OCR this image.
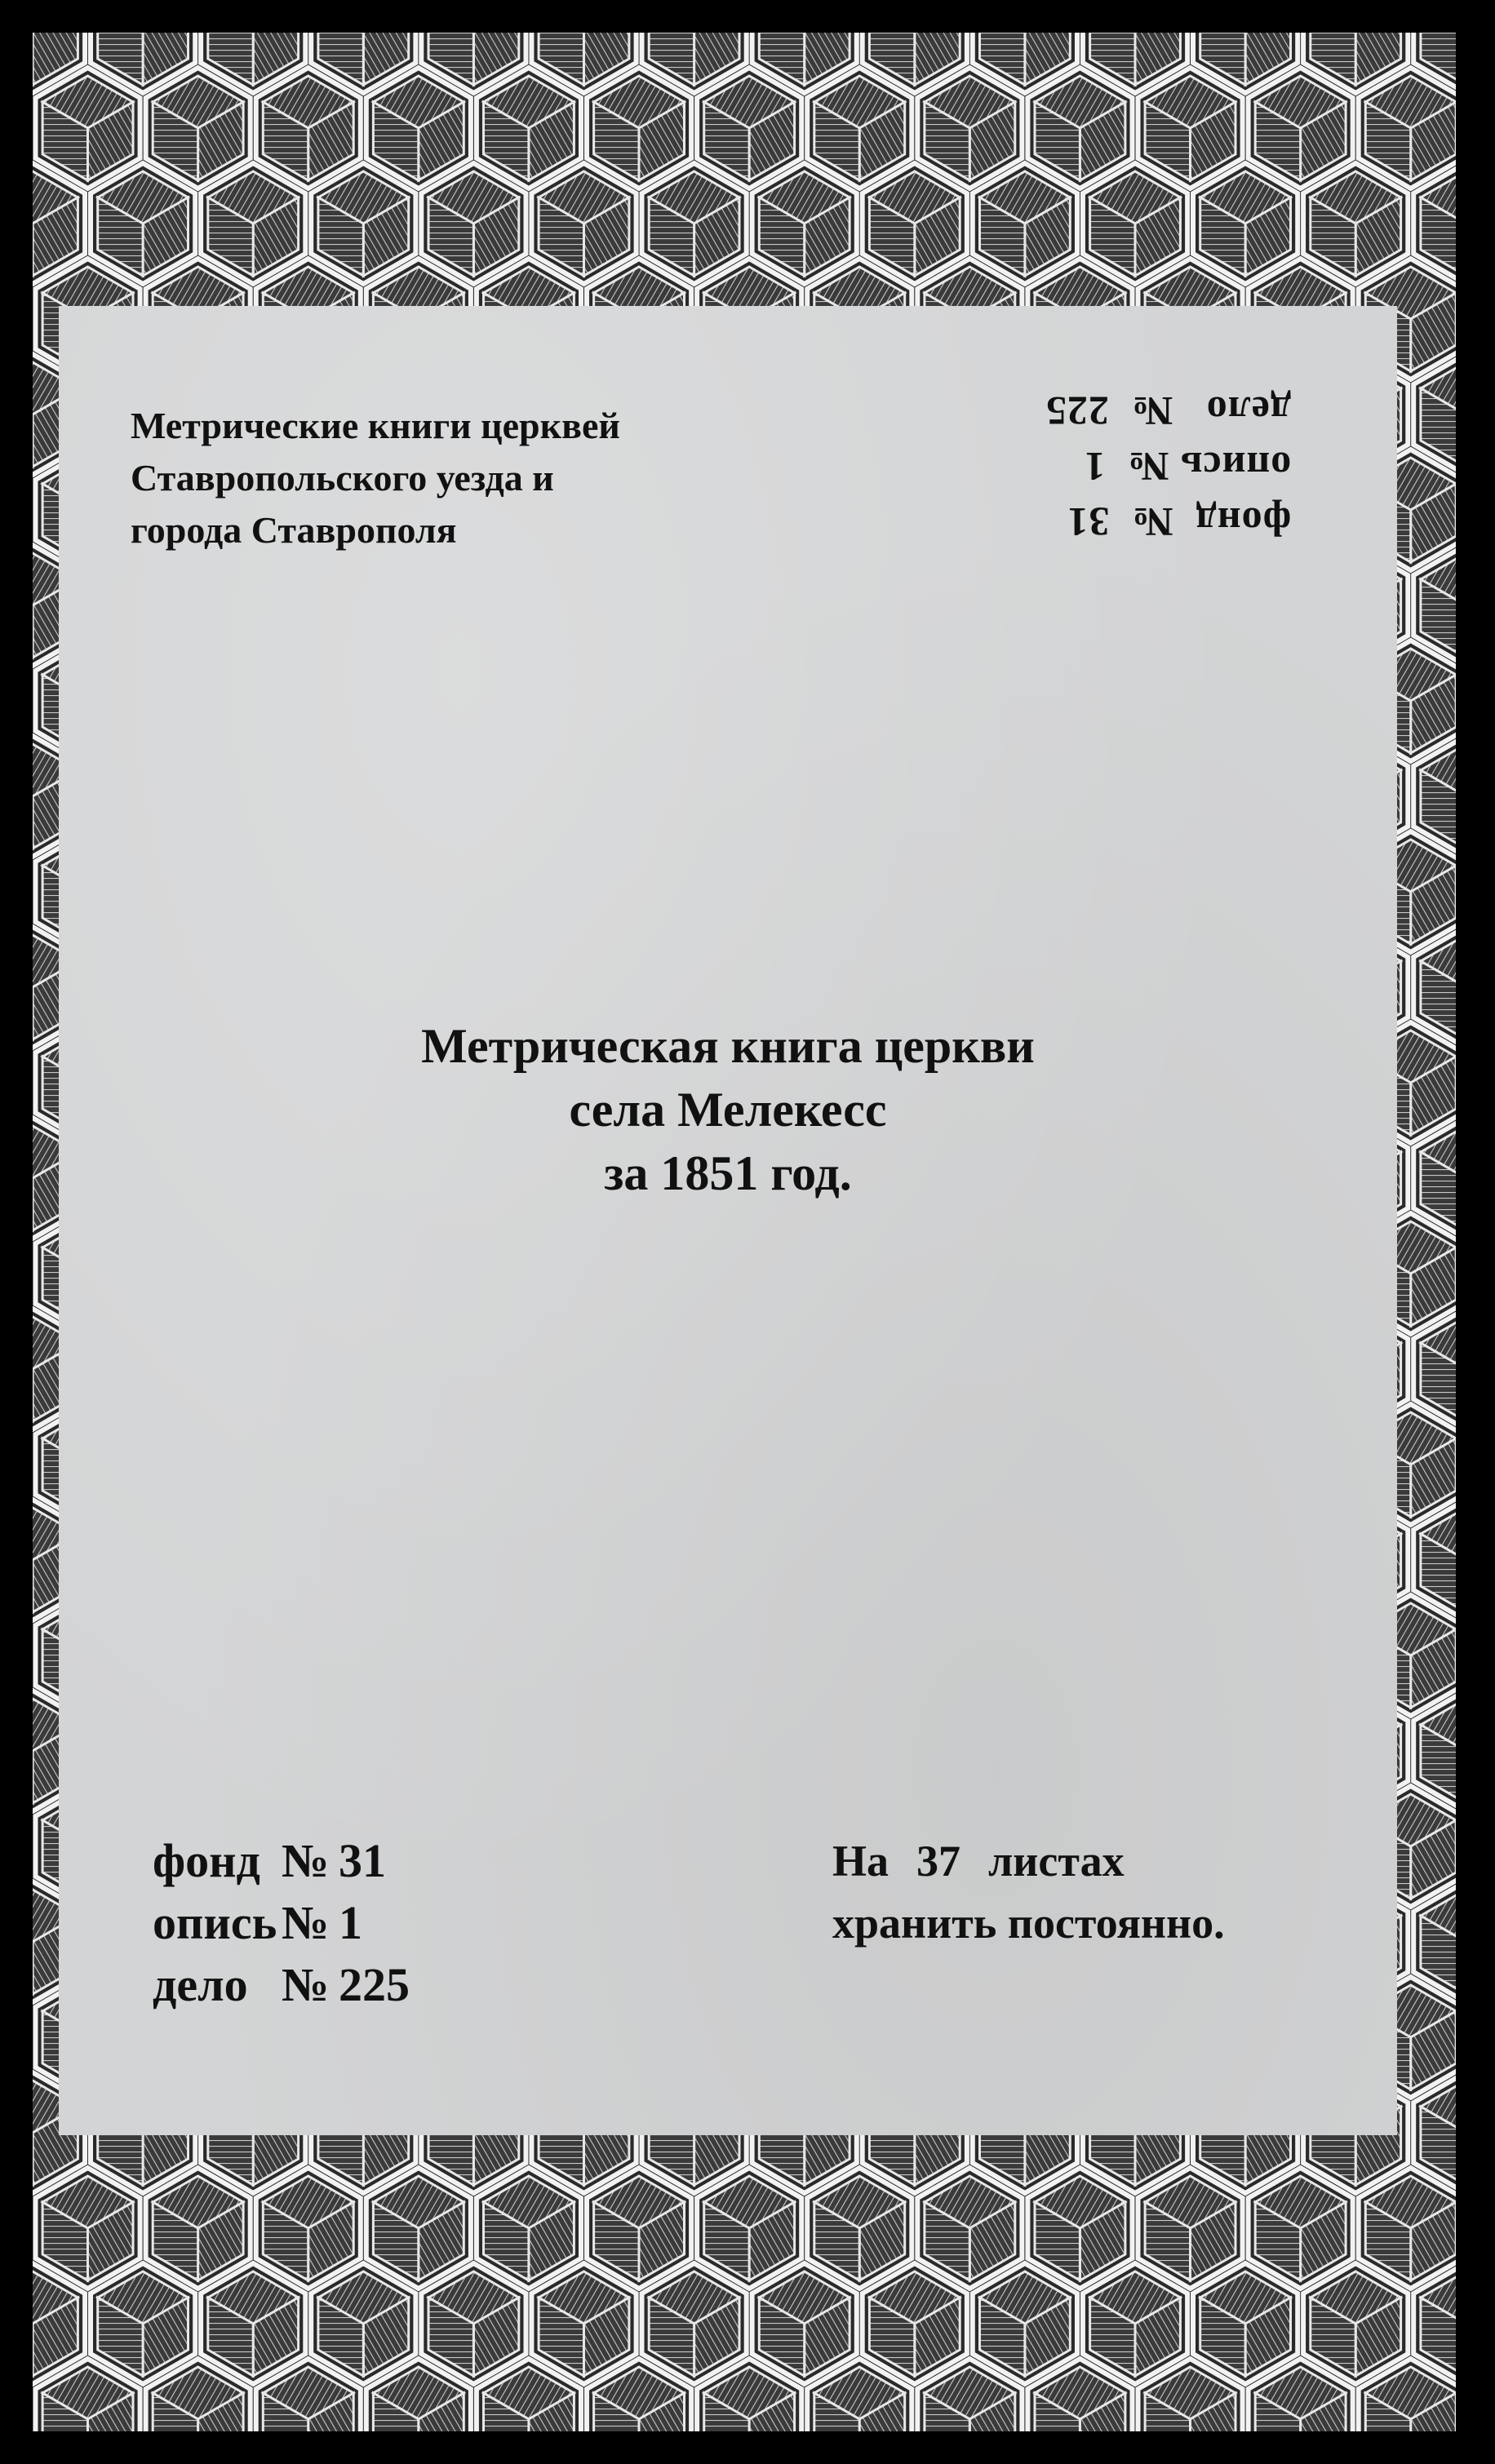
Метрические книги церквей
Ставропольского уезда и
города Ставрополя	фонд  №  31
опись №  1
дело   №  225
Метрическая книга церкви
села Мелекесс
за 1851 год.
фонд № 31
опись№ 1
дело № 225
На 37 листах
хранить постоянно.
